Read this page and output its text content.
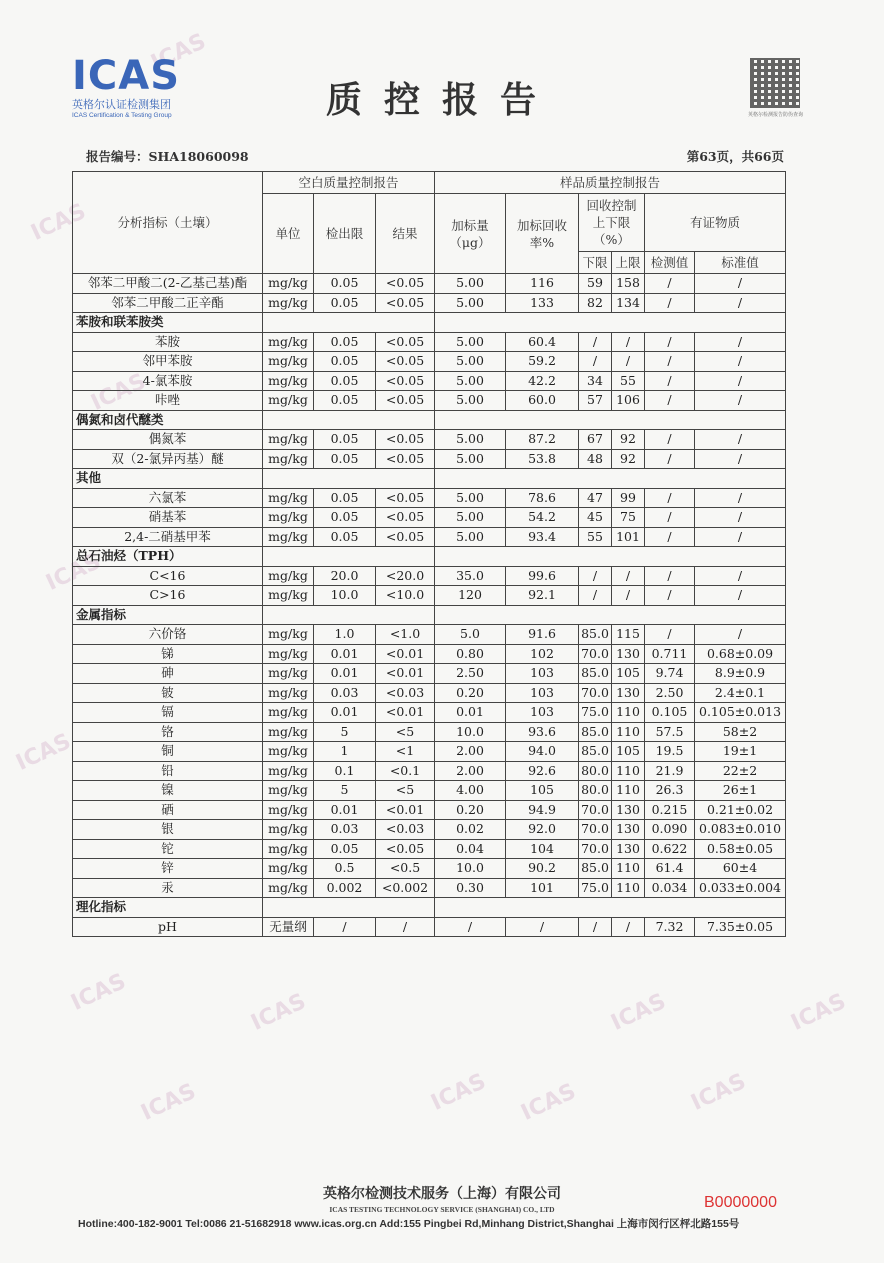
ICAS
ICAS
ICAS
ICAS
ICAS
ICAS
ICAS
ICAS
ICAS
ICAS	ICAS
ICAS
ICAS
ICAS
英格尔认证检测集团
ICAS Certification & Testing Group	质控报告	英格尔检测报告防伪查询
报告编号：SHA18060098	第63页，共66页
分析指标（土壤）	空白质量控制报告			样品质量控制报告					
	单位	检出限	结果	加标量（μg）	加标回收率%	回收控制上下限（%）		有证物质	
						下限	上限	检测值	标准值
邻苯二甲酸二(2-乙基己基)酯	mg/kg	0.05	<0.05	5.00	116	59	158	/	/
邻苯二甲酸二正辛酯	mg/kg	0.05	<0.05	5.00	133	82	134	/	/
苯胺和联苯胺类									
苯胺	mg/kg	0.05	<0.05	5.00	60.4	/	/	/	/
邻甲苯胺	mg/kg	0.05	<0.05	5.00	59.2	/	/	/	/
4-氯苯胺	mg/kg	0.05	<0.05	5.00	42.2	34	55	/	/
咔唑	mg/kg	0.05	<0.05	5.00	60.0	57	106	/	/
偶氮和卤代醚类									
偶氮苯	mg/kg	0.05	<0.05	5.00	87.2	67	92	/	/
双（2-氯异丙基）醚	mg/kg	0.05	<0.05	5.00	53.8	48	92	/	/
其他									
六氯苯	mg/kg	0.05	<0.05	5.00	78.6	47	99	/	/
硝基苯	mg/kg	0.05	<0.05	5.00	54.2	45	75	/	/
2,4-二硝基甲苯	mg/kg	0.05	<0.05	5.00	93.4	55	101	/	/
总石油烃（TPH）									
C<16	mg/kg	20.0	<20.0	35.0	99.6	/	/	/	/
C>16	mg/kg	10.0	<10.0	120	92.1	/	/	/	/
金属指标									
六价铬	mg/kg	1.0	<1.0	5.0	91.6	85.0	115	/	/
锑	mg/kg	0.01	<0.01	0.80	102	70.0	130	0.711	0.68±0.09
砷	mg/kg	0.01	<0.01	2.50	103	85.0	105	9.74	8.9±0.9
铍	mg/kg	0.03	<0.03	0.20	103	70.0	130	2.50	2.4±0.1
镉	mg/kg	0.01	<0.01	0.01	103	75.0	110	0.105	0.105±0.013
铬	mg/kg	5	<5	10.0	93.6	85.0	110	57.5	58±2
铜	mg/kg	1	<1	2.00	94.0	85.0	105	19.5	19±1
铅	mg/kg	0.1	<0.1	2.00	92.6	80.0	110	21.9	22±2
镍	mg/kg	5	<5	4.00	105	80.0	110	26.3	26±1
硒	mg/kg	0.01	<0.01	0.20	94.9	70.0	130	0.215	0.21±0.02
银	mg/kg	0.03	<0.03	0.02	92.0	70.0	130	0.090	0.083±0.010
铊	mg/kg	0.05	<0.05	0.04	104	70.0	130	0.622	0.58±0.05
锌	mg/kg	0.5	<0.5	10.0	90.2	85.0	110	61.4	60±4
汞	mg/kg	0.002	<0.002	0.30	101	75.0	110	0.034	0.033±0.004
理化指标									
pH	无量纲	/	/	/	/	/	/	7.32	7.35±0.05
英格尔检测技术服务（上海）有限公司
ICAS TESTING TECHNOLOGY SERVICE (SHANGHAI) CO., LTD	B0000000
Hotline:400-182-9001 Tel:0086 21-51682918 www.icas.org.cn Add:155 Pingbei Rd,Minhang District,Shanghai 上海市闵行区枰北路155号
